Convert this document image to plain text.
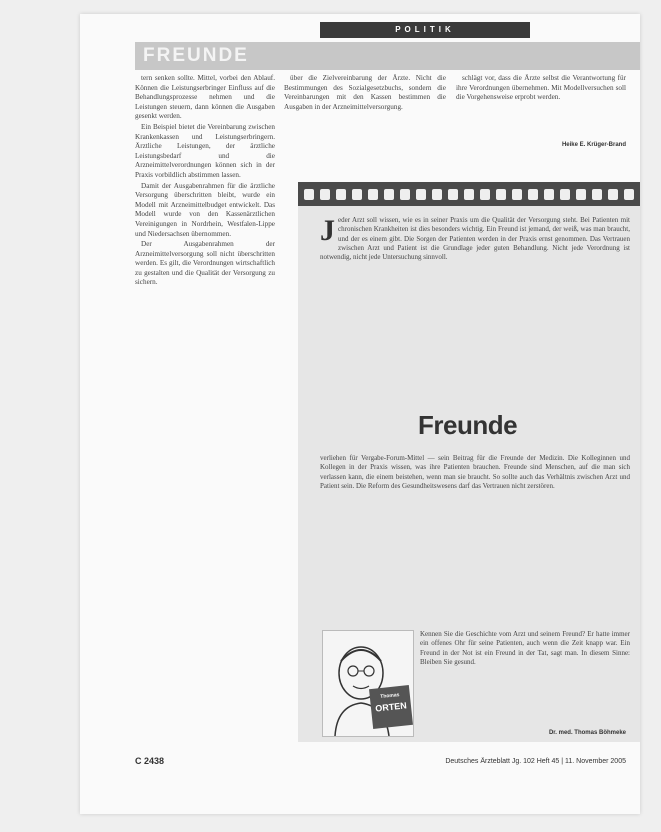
POLITIK
FREUNDE

tern senken sollte. Mittel, vorbei den Ablauf. Können die Leistungserbringer Einfluss auf die Behandlungsprozesse nehmen und die Leistungen steuern, dann können die Ausgaben gesenkt werden.

Ein Beispiel bietet die Vereinbarung zwischen Krankenkassen und Leistungserbringern. Ärztliche Leistungen, der ärztliche Leistungsbedarf und die Arzneimittelverordnungen können sich in der Praxis vorbildlich abstimmen lassen.

Damit der Ausgabenrahmen für die ärztliche Versorgung überschritten bleibt, wurde ein Modell mit Arzneimittelbudget entwickelt. Das Modell wurde von den Kassenärztlichen Vereinigungen in Nordrhein, Westfalen-Lippe und Niedersachsen übernommen.

Der Ausgabenrahmen der Arzneimittelversorgung soll nicht überschritten werden. Es gilt, die Verordnungen wirtschaftlich zu gestalten und die Qualität der Versorgung zu sichern.

über die Zielvereinbarung der Ärzte. Nicht die Bestimmungen des Sozialgesetzbuchs, sondern die Vereinbarungen mit den Kassen bestimmen die Ausgaben in der Arzneimittelversorgung.

schlägt vor, dass die Ärzte selbst die Verantwortung für ihre Verordnungen übernehmen. Mit Modellversuchen soll die Vorgehensweise erprobt werden.

Heike E. Krüger-Brand
J eder Arzt soll wissen, wie es in seiner Praxis um die Qualität der Versorgung steht. Bei Patienten mit chronischen Krankheiten ist dies besonders wichtig. Ein Freund ist jemand, der weiß, was man braucht, und der es einem gibt. Die Sorgen der Patienten werden in der Praxis ernst genommen. Das Vertrauen zwischen Arzt und Patient ist die Grundlage jeder guten Behandlung. Nicht jede Verordnung ist notwendig, nicht jede Untersuchung sinnvoll.
Freunde
verliehen für Vergabe-Forum-Mittel — sein Beitrag für die Freunde der Medizin. Die Kolleginnen und Kollegen in der Praxis wissen, was ihre Patienten brauchen. Freunde sind Menschen, auf die man sich verlassen kann, die einem beistehen, wenn man sie braucht. So sollte auch das Verhältnis zwischen Arzt und Patient sein. Die Reform des Gesundheitswesens darf das Vertrauen nicht zerstören.
Thomas
ORTEN
Kennen Sie die Geschichte vom Arzt und seinem Freund? Er hatte immer ein offenes Ohr für seine Patienten, auch wenn die Zeit knapp war. Ein Freund in der Not ist ein Freund in der Tat, sagt man. In diesem Sinne: Bleiben Sie gesund.
Dr. med. Thomas Böhmeke
C 2438	Deutsches Ärzteblatt Jg. 102 Heft 45 | 11. November 2005
